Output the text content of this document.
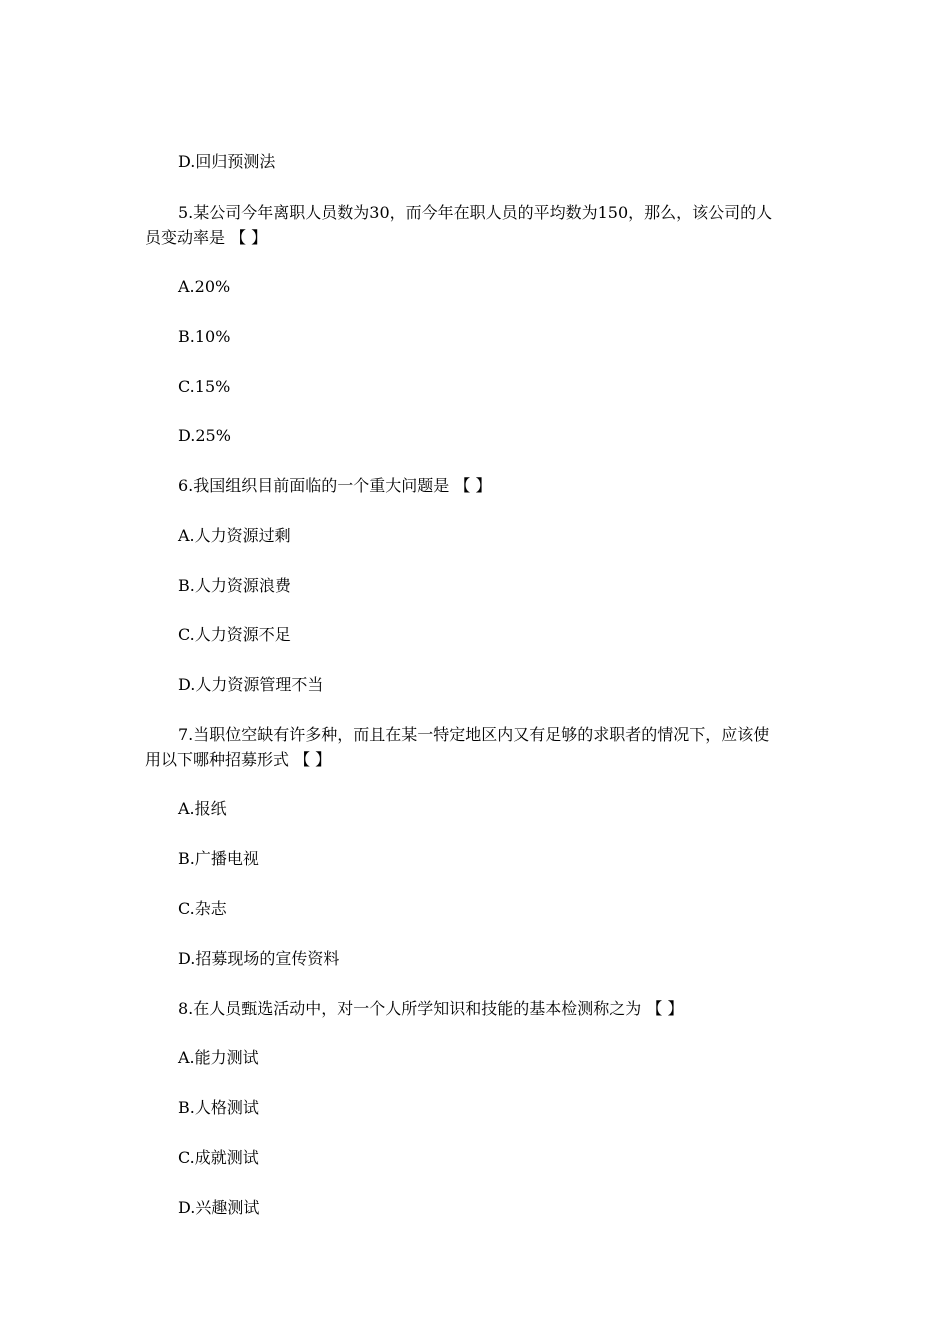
D.回归预测法
5.某公司今年离职人员数为30，而今年在职人员的平均数为150，那么，该公司的人
员变动率是 【 】
A.20%
B.10%
C.15%
D.25%
6.我国组织目前面临的一个重大问题是 【 】
A.人力资源过剩
B.人力资源浪费
C.人力资源不足
D.人力资源管理不当
7.当职位空缺有许多种，而且在某一特定地区内又有足够的求职者的情况下，应该使
用以下哪种招募形式 【 】
A.报纸
B.广播电视
C.杂志
D.招募现场的宣传资料
8.在人员甄选活动中，对一个人所学知识和技能的基本检测称之为 【 】
A.能力测试
B.人格测试
C.成就测试
D.兴趣测试
